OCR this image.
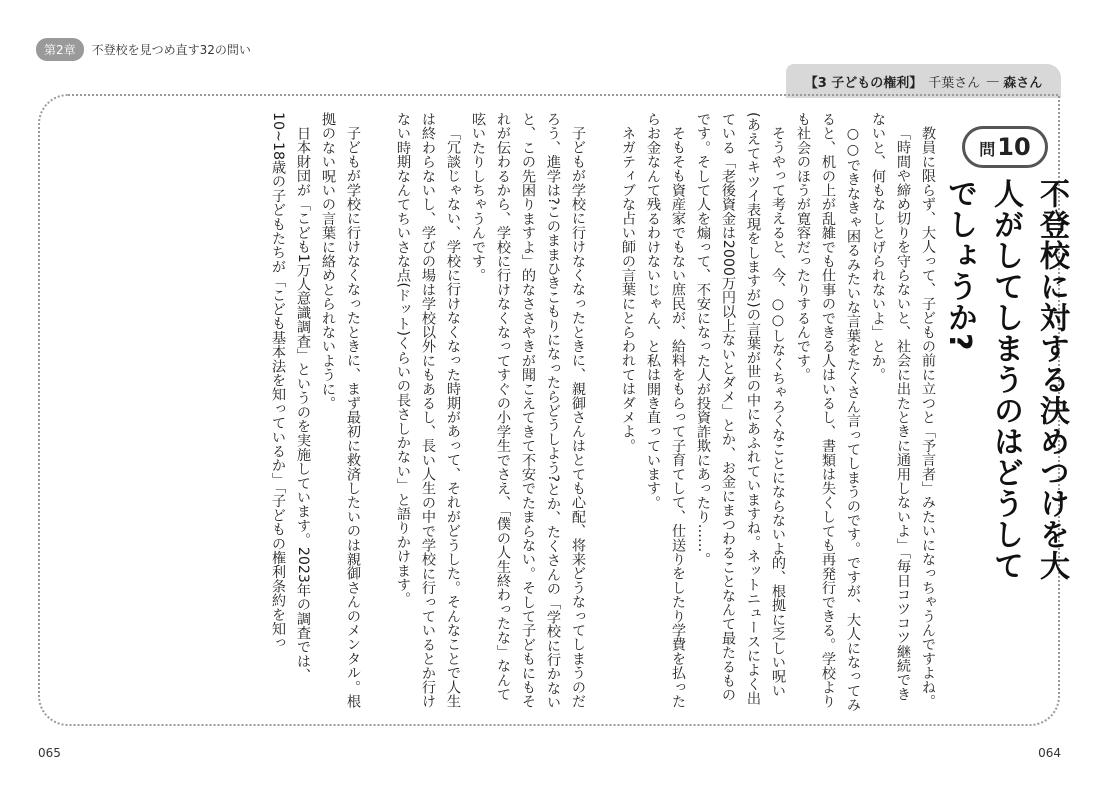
第2章	不登校を見つめ直す32の問い
【3 子どもの権利】 千葉さん — 森さん
問10
不登校に対する決めつけを大人がしてしまうのはどうしてでしょうか?

教員に限らず、大人って、子どもの前に立つと「予言者」みたいになっちゃうんですよね。

「時間や締め切りを守らないと、社会に出たときに通用しないよ」「毎日コツコツ継続できないと、何もなしとげられないよ」とか。

○○できなきゃ困るみたいな言葉をたくさん言ってしまうのです。ですが、大人になってみると、机の上が乱雑でも仕事のできる人はいるし、書類は失くしても再発行できる。学校よりも社会のほうが寛容だったりするんです。

そうやって考えると、今、○○しなくちゃろくなことにならないよ的、根拠に乏しい呪い(あえてキツイ表現をしますが)の言葉が世の中にあふれていますね。ネットニュースによく出ている「老後資金は2000万円以上ないとダメ」とか、お金にまつわることなんて最たるものです。そして人を煽って、不安になった人が投資詐欺にあったり……。

そもそも資産家でもない庶民が、給料をもらって子育てして、仕送りをしたり学費を払ったらお金なんて残るわけないじゃん、と私は開き直っています。

ネガティブな占い師の言葉にとらわれてはダメよ。

子どもが学校に行けなくなったときに、親御さんはとても心配、将来どうなってしまうのだろう、進学は?このままひきこもりになったらどうしよう?とか、たくさんの「学校に行かないと、この先困りますよ」的なささやきが聞こえてきて不安でたまらない。そして子どもにもそれが伝わるから、学校に行けなくなってすぐの小学生でさえ、「僕の人生終わったな」なんて呟いたりしちゃうんです。

「冗談じゃない、学校に行けなくなった時期があって、それがどうした。そんなことで人生は終わらないし、学びの場は学校以外にもあるし、長い人生の中で学校に行っているとか行けない時期なんてちいさな点(ドット)くらいの長さしかない」と語りかけます。

子どもが学校に行けなくなったときに、まず最初に救済したいのは親御さんのメンタル。根拠のない呪いの言葉に絡めとられないように。

日本財団が「こども1万人意識調査」というのを実施しています。2023年の調査では、10~18歳の子どもたちが「こども基本法を知っているか」「子どもの権利条約を知っ

065	064
